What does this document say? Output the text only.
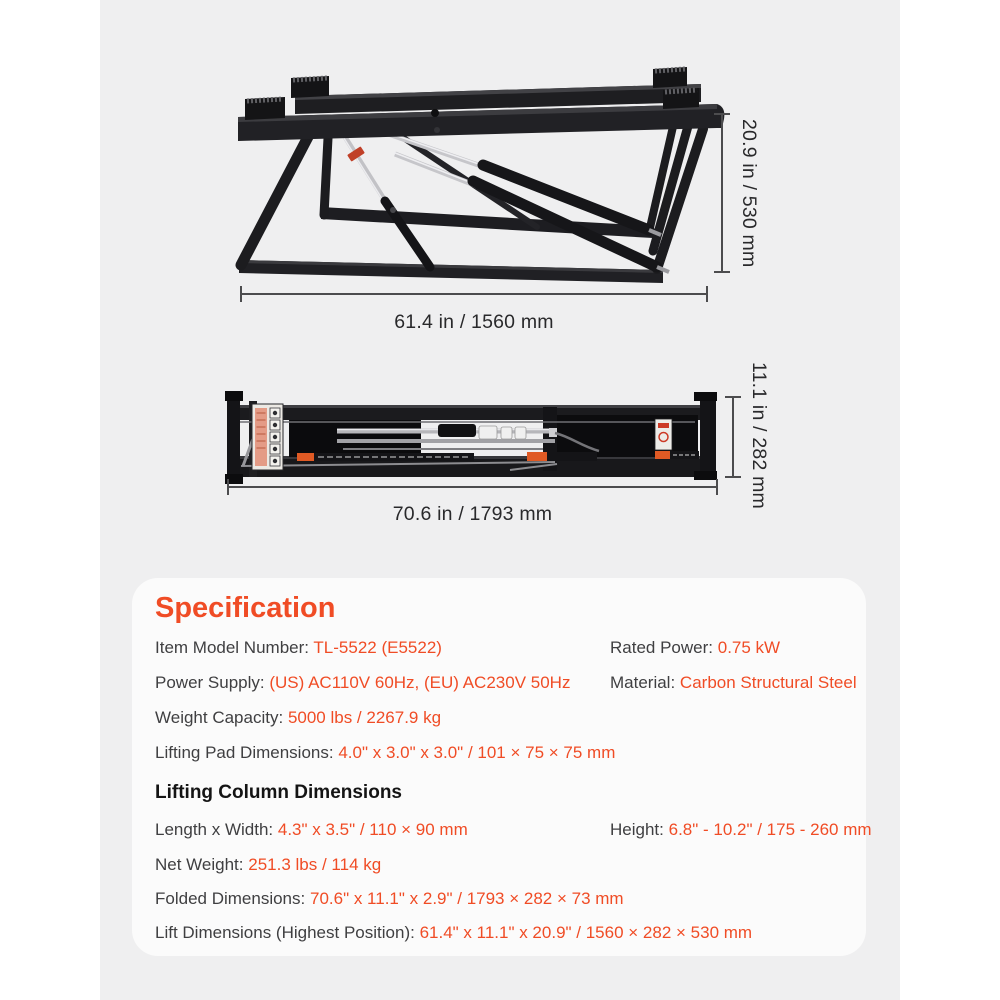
20.9 in / 530 mm
61.4 in / 1560 mm
11.1 in / 282 mm
70.6 in / 1793 mm
Specification
Item Model Number: TL-5522 (E5522)	Rated Power: 0.75 kW
Power Supply: (US) AC110V 60Hz, (EU) AC230V 50Hz Material: Carbon Structural Steel
Weight Capacity: 5000 lbs / 2267.9 kg
Lifting Pad Dimensions: 4.0" x 3.0" x 3.0" / 101 × 75 × 75 mm
Lifting Column Dimensions
Length x Width: 4.3" x 3.5" / 110 × 90 mm	Height: 6.8" - 10.2" / 175 - 260 mm
Net Weight: 251.3 lbs / 114 kg
Folded Dimensions: 70.6" x 11.1" x 2.9" / 1793 × 282 × 73 mm
Lift Dimensions (Highest Position): 61.4" x 11.1" x 20.9" / 1560 × 282 × 530 mm
